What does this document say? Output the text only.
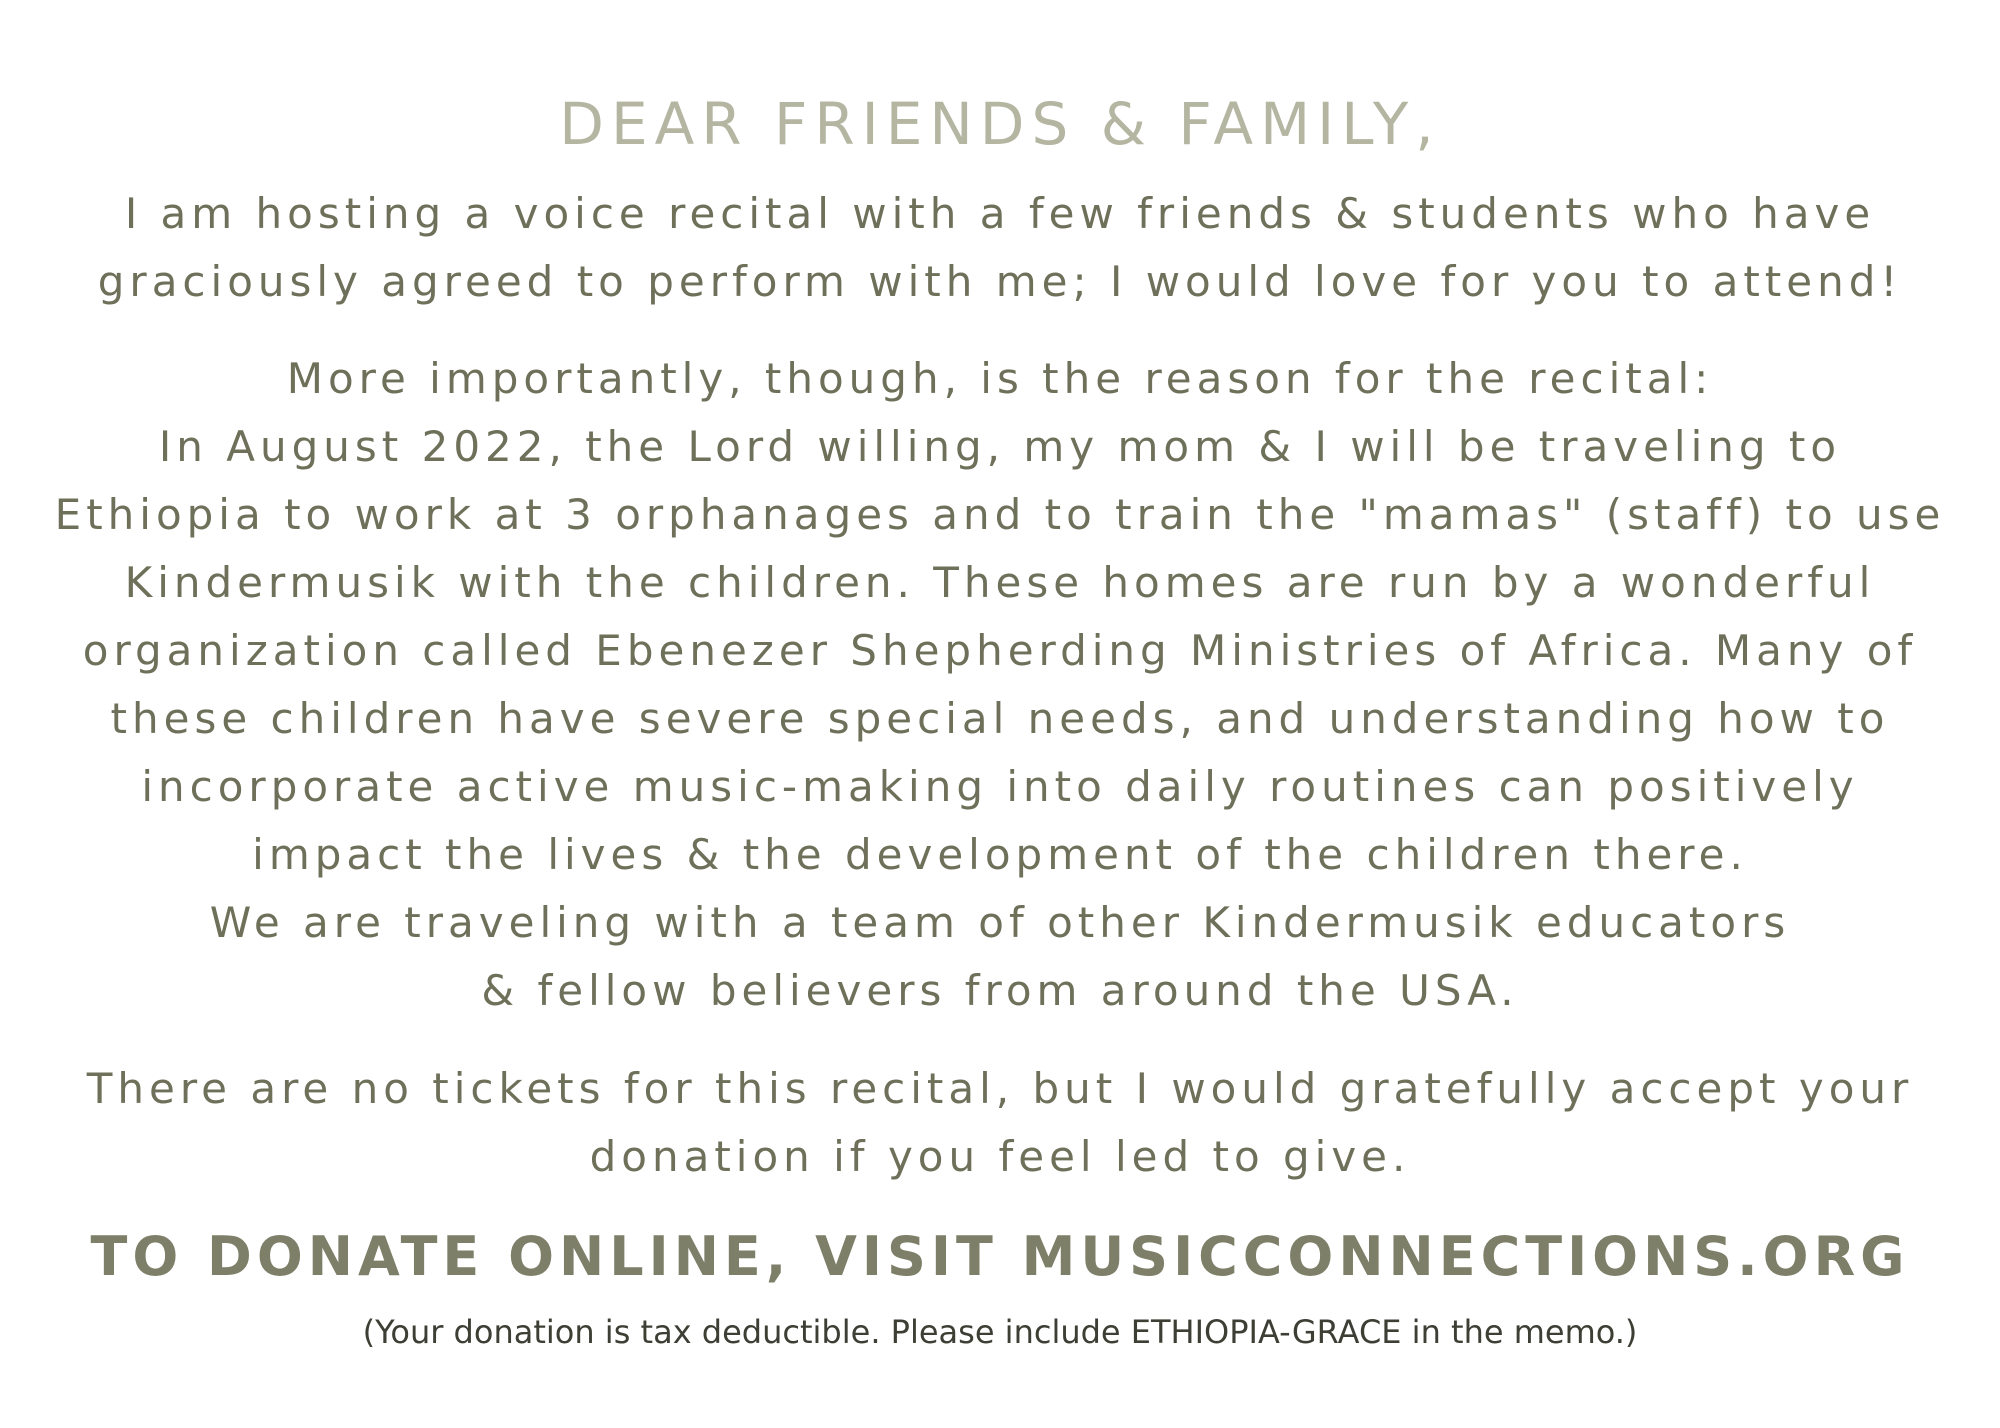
DEAR FRIENDS & FAMILY,
I am hosting a voice recital with a few friends & students who have
graciously agreed to perform with me; I would love for you to attend!
More importantly, though, is the reason for the recital:
In August 2022, the Lord willing, my mom & I will be traveling to
Ethiopia to work at 3 orphanages and to train the "mamas" (staff) to use
Kindermusik with the children. These homes are run by a wonderful
organization called Ebenezer Shepherding Ministries of Africa. Many of
these children have severe special needs, and understanding how to
incorporate active music-making into daily routines can positively
impact the lives & the development of the children there.
We are traveling with a team of other Kindermusik educators
& fellow believers from around the USA.
There are no tickets for this recital, but I would gratefully accept your
donation if you feel led to give.
TO DONATE ONLINE, VISIT MUSICCONNECTIONS.ORG
(Your donation is tax deductible. Please include ETHIOPIA-GRACE in the memo.)
